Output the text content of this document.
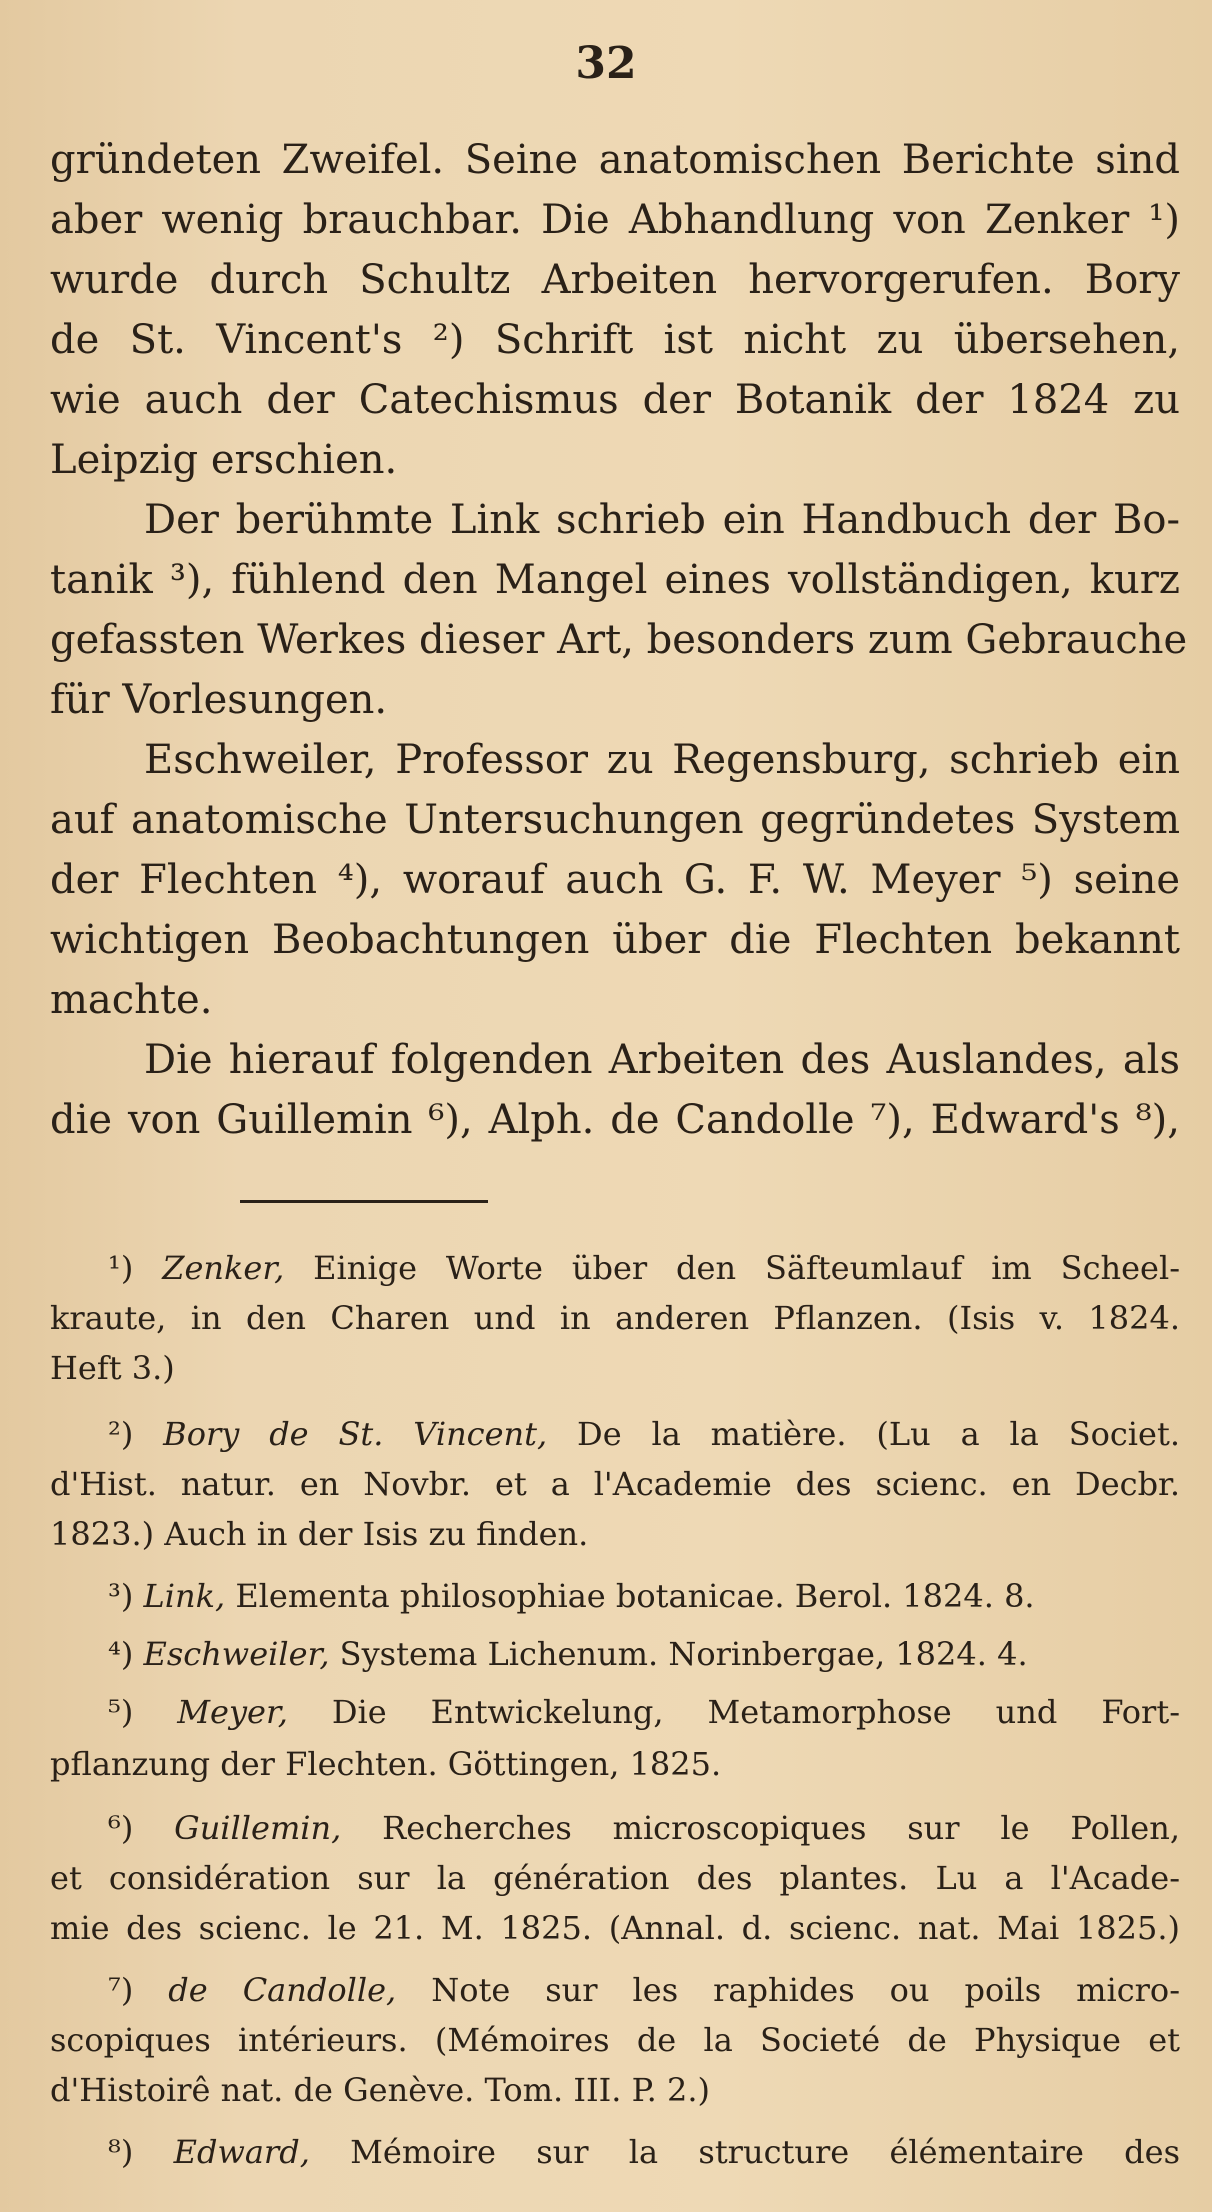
32
gründeten Zweifel. Seine anatomischen Berichte sind
aber wenig brauchbar. Die Abhandlung von Zenker ¹)
wurde durch Schultz Arbeiten hervorgerufen. Bory
de St. Vincent's ²) Schrift ist nicht zu übersehen,
wie auch der Catechismus der Botanik der 1824 zu
Leipzig erschien.
Der berühmte Link schrieb ein Handbuch der Bo-
tanik ³), fühlend den Mangel eines vollständigen, kurz
gefassten Werkes dieser Art, besonders zum Gebrauche
für Vorlesungen.
Eschweiler, Professor zu Regensburg, schrieb ein
auf anatomische Untersuchungen gegründetes System
der Flechten ⁴), worauf auch G. F. W. Meyer ⁵) seine
wichtigen Beobachtungen über die Flechten bekannt
machte.
Die hierauf folgenden Arbeiten des Auslandes, als
die von Guillemin ⁶), Alph. de Candolle ⁷), Edward's ⁸),
¹) Zenker, Einige Worte über den Säfteumlauf im Scheel-
kraute, in den Charen und in anderen Pflanzen. (Isis v. 1824.
Heft 3.)
²) Bory de St. Vincent, De la matière. (Lu a la Societ.
d'Hist. natur. en Novbr. et a l'Academie des scienc. en Decbr.
1823.) Auch in der Isis zu finden.
³) Link, Elementa philosophiae botanicae. Berol. 1824. 8.
⁴) Eschweiler, Systema Lichenum. Norinbergae, 1824. 4.
⁵) Meyer, Die Entwickelung, Metamorphose und Fort-
pflanzung der Flechten. Göttingen, 1825.
⁶) Guillemin, Recherches microscopiques sur le Pollen,
et considération sur la génération des plantes. Lu a l'Acade-
mie des scienc. le 21. M. 1825. (Annal. d. scienc. nat. Mai 1825.)
⁷) de Candolle, Note sur les raphides ou poils micro-
scopiques intérieurs. (Mémoires de la Societé de Physique et
d'Histoirê nat. de Genève. Tom. III. P. 2.)
⁸) Edward, Mémoire sur la structure élémentaire des
